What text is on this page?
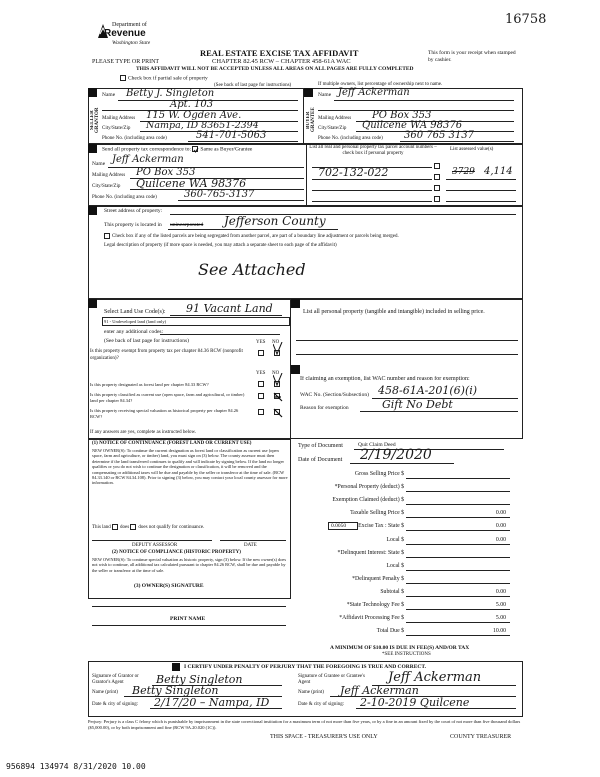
16758
Department of
Revenue
Washington State
REAL ESTATE EXCISE TAX AFFIDAVIT
CHAPTER 82.45 RCW – CHAPTER 458-61A WAC
PLEASE TYPE OR PRINT
THIS AFFIDAVIT WILL NOT BE ACCEPTED UNLESS ALL AREAS ON ALL PAGES ARE FULLY COMPLETED
This form is your receipt when stamped by cashier.
Check box if partial sale of property
(See back of last page for instructions)	If multiple owners, list percentage of ownership next to name.
SELLER GRANTOR
Name Betty J. Singleton
Apt. 103
Mailing Address 115 W. Ogden Ave.
City/State/Zip Nampa, ID 83651-2394
Phone No. (including area code)	541-701-5063
BUYER GRANTEE
Name Jeff Ackerman
Mailing Address PO Box 353
City/State/Zip Quilcene WA 98376
Phone No. (including area code) 360 765 3137
Send all property tax correspondence to: Same as Buyer/Grantee
Name Jeff Ackerman
Mailing Address PO Box 353
City/State/Zip Quilcene WA 98376
Phone No. (including area code)	360-765-3137
List all real and personal property tax parcel account numbers – check box if personal property
List assessed value(s)
702-132-022	3729 4,114
Street address of property:
This property is located in unincorporated Jefferson County
Check box if any of the listed parcels are being segregated from another parcel, are part of a boundary line adjustment or parcels being merged.
Legal description of property (if more space is needed, you may attach a separate sheet to each page of the affidavit)
See Attached
Select Land Use Code(s): 91 Vacant Land
91 - Undeveloped land (land only)
enter any additional codes:
(See back of last page for instructions)	YES NO
Is this property exempt from property tax per chapter 84.36 RCW (nonprofit organization)?
List all personal property (tangible and intangible) included in selling price.
YES NO
Is this property designated as forest land per chapter 84.33 RCW?
Is this property classified as current use (open space, farm and agricultural, or timber) land per chapter 84.34?
Is this property receiving special valuation as historical property per chapter 84.26 RCW?
If any answers are yes, complete as instructed below.
If claiming an exemption, list WAC number and reason for exemption:
WAC No. (Section/Subsection) 458-61A-201(6)(i)
Reason for exemption	Gift No Debt
(1) NOTICE OF CONTINUANCE (FOREST LAND OR CURRENT USE)
NEW OWNER(S): To continue the current designation as forest land or classification as current use (open space, farm and agriculture, or timber) land, you must sign on (3) below. The county assessor must then determine if the land transferred continues to qualify and will indicate by signing below. If the land no longer qualifies or you do not wish to continue the designation or classification, it will be removed and the compensating or additional taxes will be due and payable by the seller or transferor at the time of sale. (RCW 84.33.140 or RCW 84.34.108). Prior to signing (3) below, you may contact your local county assessor for more information.
This land does does not qualify for continuance.
DEPUTY ASSESSOR	DATE
(2) NOTICE OF COMPLIANCE (HISTORIC PROPERTY)
NEW OWNER(S): To continue special valuation as historic property, sign (3) below. If the new owner(s) does not wish to continue, all additional tax calculated pursuant to chapter 84.26 RCW, shall be due and payable by the seller or transferor at the time of sale.
(3) OWNER(S) SIGNATURE
PRINT NAME
Type of Document	Quit Claim Deed
Date of Document 2/19/2020
Gross Selling Price $
*Personal Property (deduct) $
Exemption Claimed (deduct) $
Taxable Selling Price $	0.00
Excise Tax : State $	0.00
Local $	0.00
*Delinquent Interest: State $
Local $
*Delinquent Penalty $
Subtotal $	0.00
*State Technology Fee $	5.00
*Affidavit Processing Fee $	5.00
Total Due $	10.00
0.0050
A MINIMUM OF $10.00 IS DUE IN FEE(S) AND/OR TAX
*SEE INSTRUCTIONS
I CERTIFY UNDER PENALTY OF PERJURY THAT THE FOREGOING IS TRUE AND CORRECT.
Signature of Grantor or Grantor's Agent	Betty Singleton
Name (print) Betty Singleton
Date & city of signing: 2/17/20 – Nampa, ID
Signature of Grantee or Grantee's Agent	Jeff Ackerman
Name (print) Jeff Ackerman
Date & city of signing: 2-10-2019 Quilcene
Perjury: Perjury is a class C felony which is punishable by imprisonment in the state correctional institution for a maximum term of not more than five years, or by a fine in an amount fixed by the court of not more than five thousand dollars ($5,000.00), or by both imprisonment and fine (RCW 9A.20.020 (1C)).
THIS SPACE - TREASURER'S USE ONLY	COUNTY TREASURER
956894 134974 8/31/2020 10.00
